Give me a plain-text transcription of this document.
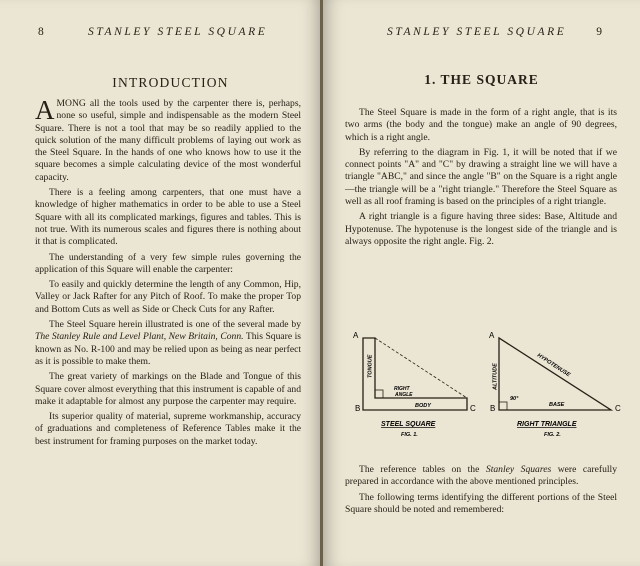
8	STANLEY STEEL SQUARE
INTRODUCTION

AMONG all the tools used by the carpenter there is, perhaps, none so useful, simple and indispensable as the modern Steel Square. There is not a tool that may be so readily applied to the quick solution of the many difficult problems of laying out work as the Steel Square. In the hands of one who knows how to use it the square becomes a simple calculating device of the most wonderful capacity.

There is a feeling among carpenters, that one must have a knowledge of higher mathematics in order to be able to use a Steel Square with all its complicated markings, figures and tables. This is not true. With its numerous scales and figures there is nothing about it that is complicated.

The understanding of a very few simple rules governing the application of this Square will enable the carpenter:

To easily and quickly determine the length of any Common, Hip, Valley or Jack Rafter for any Pitch of Roof. To make the proper Top and Bottom Cuts as well as Side or Check Cuts for any Rafter.

The Steel Square herein illustrated is one of the several made by The Stanley Rule and Level Plant, New Britain, Conn. This Square is known as No. R-100 and may be relied upon as being as near perfect as it is possible to make them.

The great variety of markings on the Blade and Tongue of this Square cover almost everything that this instrument is capable of and make it adaptable for almost any purpose the carpenter may require.

Its superior quality of material, supreme workmanship, accuracy of graduations and completeness of Reference Tables make it the best instrument for framing purposes on the market today.

STANLEY STEEL SQUARE	9
1. THE SQUARE

The Steel Square is made in the form of a right angle, that is its two arms (the body and the tongue) make an angle of 90 degrees, which is a right angle.

By referring to the diagram in Fig. 1, it will be noted that if we connect points "A" and "C" by drawing a straight line we will have a triangle "ABC," and since the angle "B" on the Square is a right angle—the triangle will be a "right triangle." Therefore the Steel Square as well as all roof framing is based on the principles of a right triangle.

A right triangle is a figure having three sides: Base, Altitude and Hypotenuse. The hypotenuse is the longest side of the triangle and is always opposite the right angle. Fig. 2.

A
B	C
TONGUE
RIGHT
ANGLE
BODY
STEEL SQUARE
FIG. 1.
A
B	C
ALTITUDE	HYPOTENUSE
90°
BASE
RIGHT TRIANGLE
FIG. 2.

The reference tables on the Stanley Squares were carefully prepared in accordance with the above mentioned principles.

The following terms identifying the different portions of the Steel Square should be noted and remembered:
